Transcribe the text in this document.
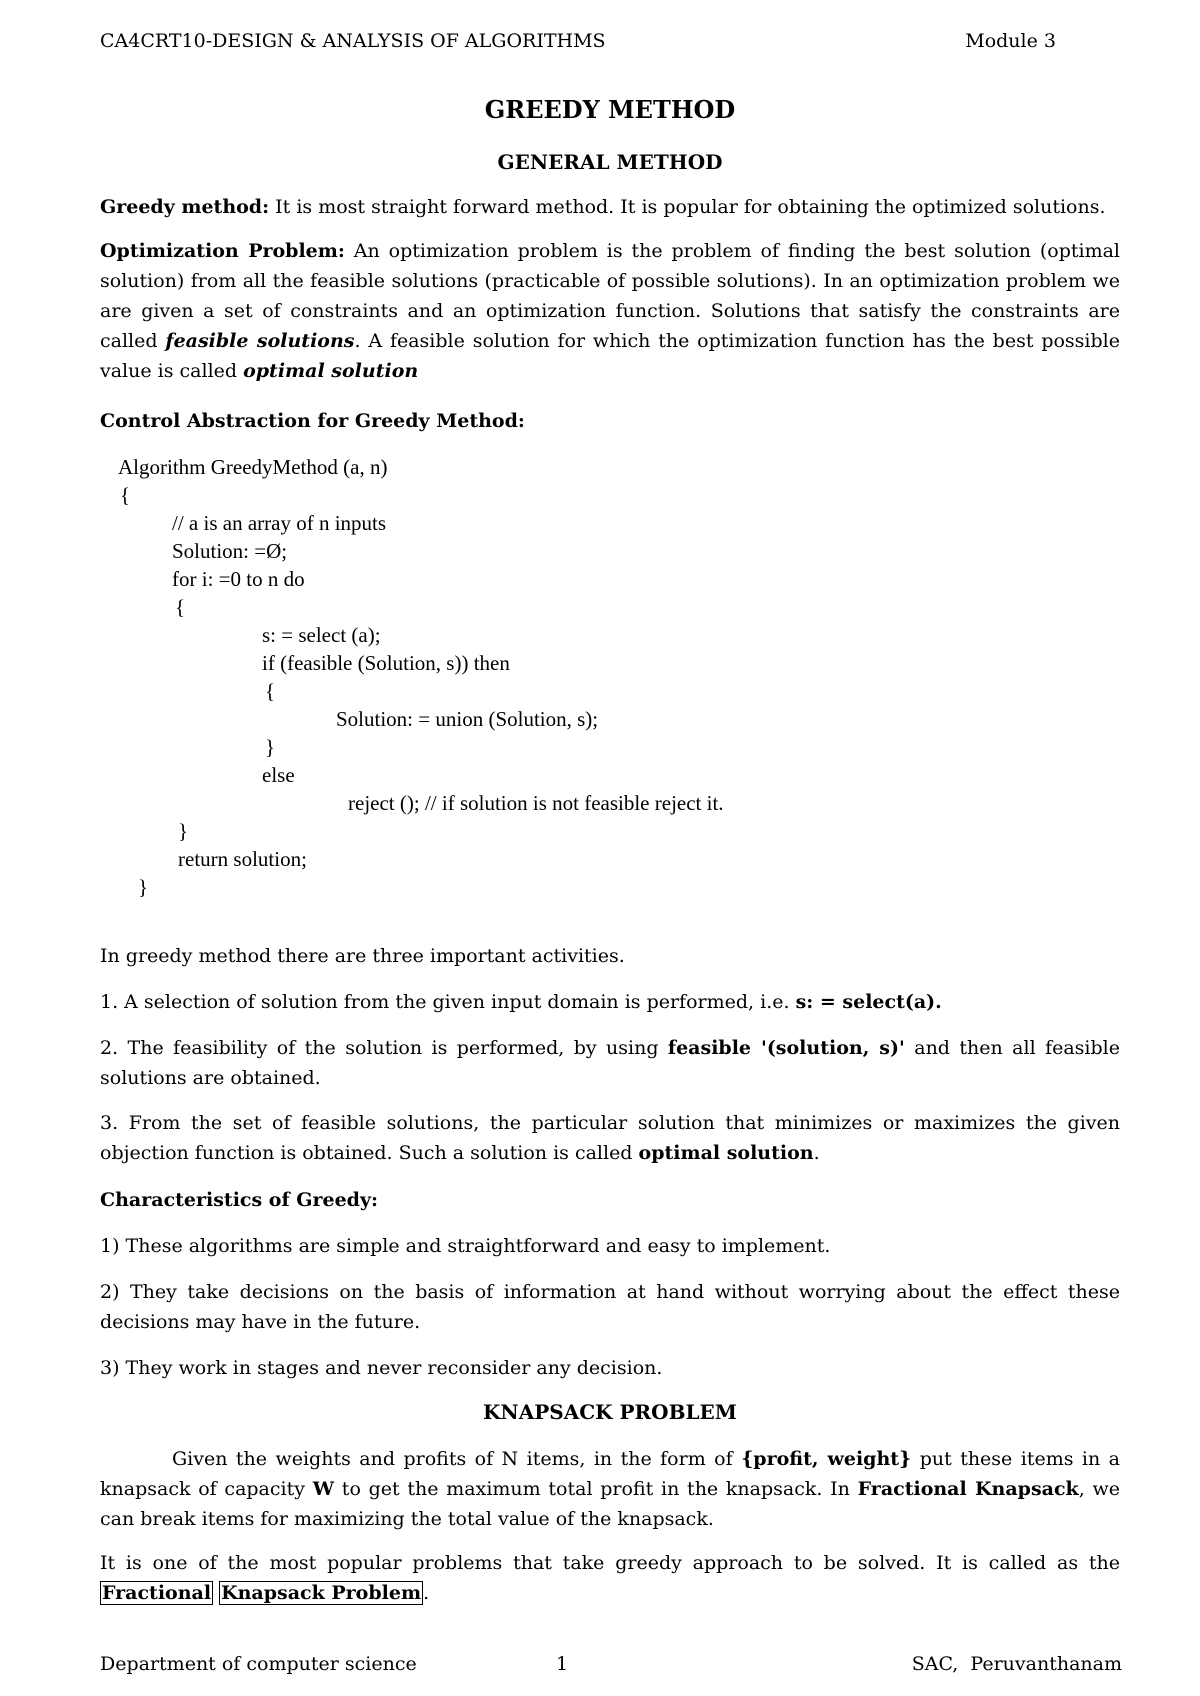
CA4CRT10-DESIGN & ANALYSIS OF ALGORITHMS	Module 3
GREEDY METHOD
GENERAL METHOD

Greedy method: It is most straight forward method. It is popular for obtaining the optimized solutions.

Optimization Problem: An optimization problem is the problem of finding the best solution (optimal solution) from all the feasible solutions (practicable of possible solutions). In an optimization problem we are given a set of constraints and an optimization function. Solutions that satisfy the constraints are called feasible solutions. A feasible solution for which the optimization function has the best possible value is called optimal solution

Control Abstraction for Greedy Method:

Algorithm GreedyMethod (a, n)
{
// a is an array of n inputs
Solution: =Ø;
for i: =0 to n do
{
s: = select (a);
if (feasible (Solution, s)) then
{
Solution: = union (Solution, s);
}
else
reject (); // if solution is not feasible reject it.
}
return solution;
}

In greedy method there are three important activities.

1. A selection of solution from the given input domain is performed, i.e. s: = select(a).

2. The feasibility of the solution is performed, by using feasible '(solution, s)' and then all feasible solutions are obtained.

3. From the set of feasible solutions, the particular solution that minimizes or maximizes the given objection function is obtained. Such a solution is called optimal solution.

Characteristics of Greedy:

1) These algorithms are simple and straightforward and easy to implement.

2) They take decisions on the basis of information at hand without worrying about the effect these decisions may have in the future.

3) They work in stages and never reconsider any decision.

KNAPSACK PROBLEM

Given the weights and profits of N items, in the form of {profit, weight} put these items in a knapsack of capacity W to get the maximum total profit in the knapsack. In Fractional Knapsack, we can break items for maximizing the total value of the knapsack.

It is one of the most popular problems that take greedy approach to be solved. It is called as the Fractional Knapsack Problem .

Department of computer science	1	SAC,  Peruvanthanam
